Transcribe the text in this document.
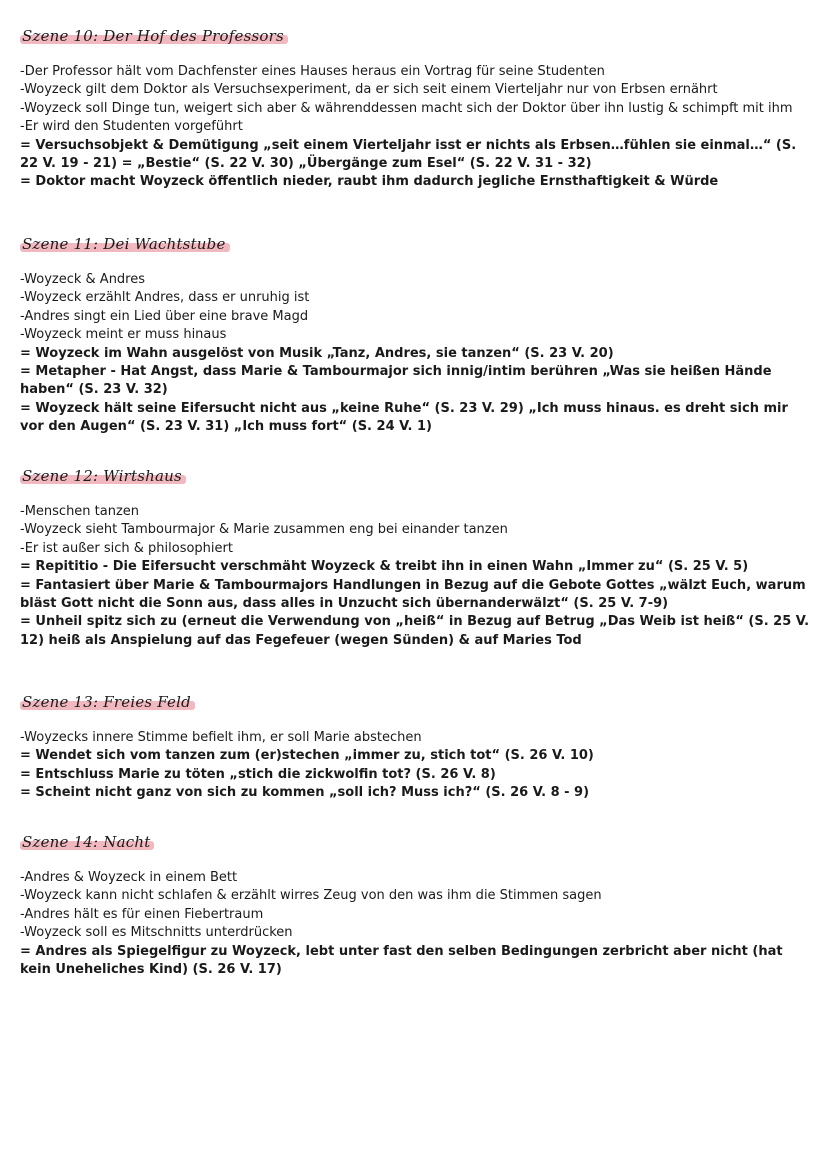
Szene 10: Der Hof des Professors

-Der Professor hält vom Dachfenster eines Hauses heraus ein Vortrag für seine Studenten

-Woyzeck gilt dem Doktor als Versuchsexperiment, da er sich seit einem Vierteljahr nur von Erbsen ernährt

-Woyzeck soll Dinge tun, weigert sich aber & währenddessen macht sich der Doktor über ihn lustig & schimpft mit ihm

-Er wird den Studenten vorgeführt

= Versuchsobjekt & Demütigung „seit einem Vierteljahr isst er nichts als Erbsen…fühlen sie einmal…“ (S. 22 V. 19 - 21) = „Bestie“ (S. 22 V. 30) „Übergänge zum Esel“ (S. 22 V. 31 - 32)

= Doktor macht Woyzeck öffentlich nieder, raubt ihm dadurch jegliche Ernsthaftigkeit & Würde

Szene 11: Dei Wachtstube

-Woyzeck & Andres

-Woyzeck erzählt Andres, dass er unruhig ist

-Andres singt ein Lied über eine brave Magd

-Woyzeck meint er muss hinaus

= Woyzeck im Wahn ausgelöst von Musik „Tanz, Andres, sie tanzen“ (S. 23 V. 20)

= Metapher - Hat Angst, dass Marie & Tambourmajor sich innig/intim berühren „Was sie heißen Hände haben“ (S. 23 V. 32)

= Woyzeck hält seine Eifersucht nicht aus „keine Ruhe“ (S. 23 V. 29) „Ich muss hinaus. es dreht sich mir vor den Augen“ (S. 23 V. 31) „Ich muss fort“ (S. 24 V. 1)

Szene 12: Wirtshaus

-Menschen tanzen

-Woyzeck sieht Tambourmajor & Marie zusammen eng bei einander tanzen

-Er ist außer sich & philosophiert

= Repititio - Die Eifersucht verschmäht Woyzeck & treibt ihn in einen Wahn „Immer zu“ (S. 25 V. 5)

= Fantasiert über Marie & Tambourmajors Handlungen in Bezug auf die Gebote Gottes „wälzt Euch, warum bläst Gott nicht die Sonn aus, dass alles in Unzucht sich übernanderwälzt“ (S. 25 V. 7-9)

= Unheil spitz sich zu (erneut die Verwendung von „heiß“ in Bezug auf Betrug „Das Weib ist heiß“ (S. 25 V. 12) heiß als Anspielung auf das Fegefeuer (wegen Sünden) & auf Maries Tod

Szene 13: Freies Feld

-Woyzecks innere Stimme befielt ihm, er soll Marie abstechen

= Wendet sich vom tanzen zum (er)stechen „immer zu, stich tot“ (S. 26 V. 10)

= Entschluss Marie zu töten „stich die zickwolfin tot? (S. 26 V. 8)

= Scheint nicht ganz von sich zu kommen „soll ich? Muss ich?“ (S. 26 V. 8 - 9)

Szene 14: Nacht

-Andres & Woyzeck in einem Bett

-Woyzeck kann nicht schlafen & erzählt wirres Zeug von den was ihm die Stimmen sagen

-Andres hält es für einen Fiebertraum

-Woyzeck soll es Mitschnitts unterdrücken

= Andres als Spiegelfigur zu Woyzeck, lebt unter fast den selben Bedingungen zerbricht aber nicht (hat kein Uneheliches Kind) (S. 26 V. 17)
